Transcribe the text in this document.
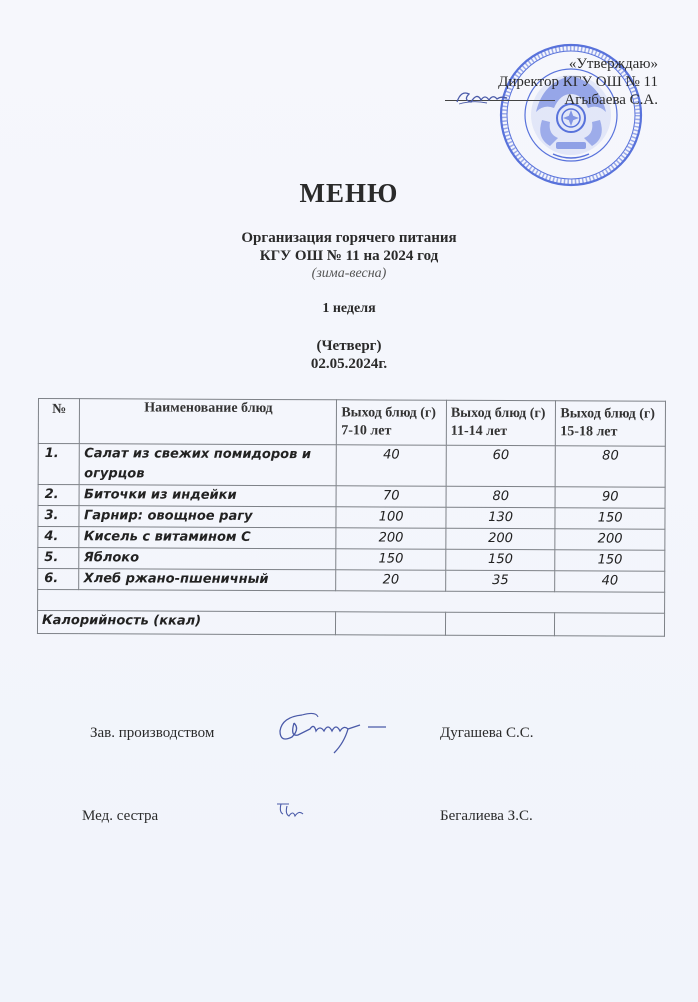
«Утверждаю»
Директор КГУ ОШ № 11
Агыбаева С.А.
МЕНЮ
Организация горячего питания
КГУ ОШ № 11 на 2024 год
(зима-весна)
1 неделя
(Четверг)
02.05.2024г.
№	Наименование блюд	Выход блюд (г) 7-10 лет	Выход блюд (г) 11-14 лет	Выход блюд (г) 15-18 лет
1.	Салат из свежих помидоров и огурцов	40	60	80
2.	Биточки из индейки	70	80	90
3.	Гарнир: овощное рагу	100	130	150
4.	Кисель с витамином С	200	200	200
5.	Яблоко	150	150	150
6.	Хлеб ржано-пшеничный	20	35	40

Калорийность (ккал)				
Зав. производством	Дугашева С.С.
Мед. сестра	Бегалиева З.С.
